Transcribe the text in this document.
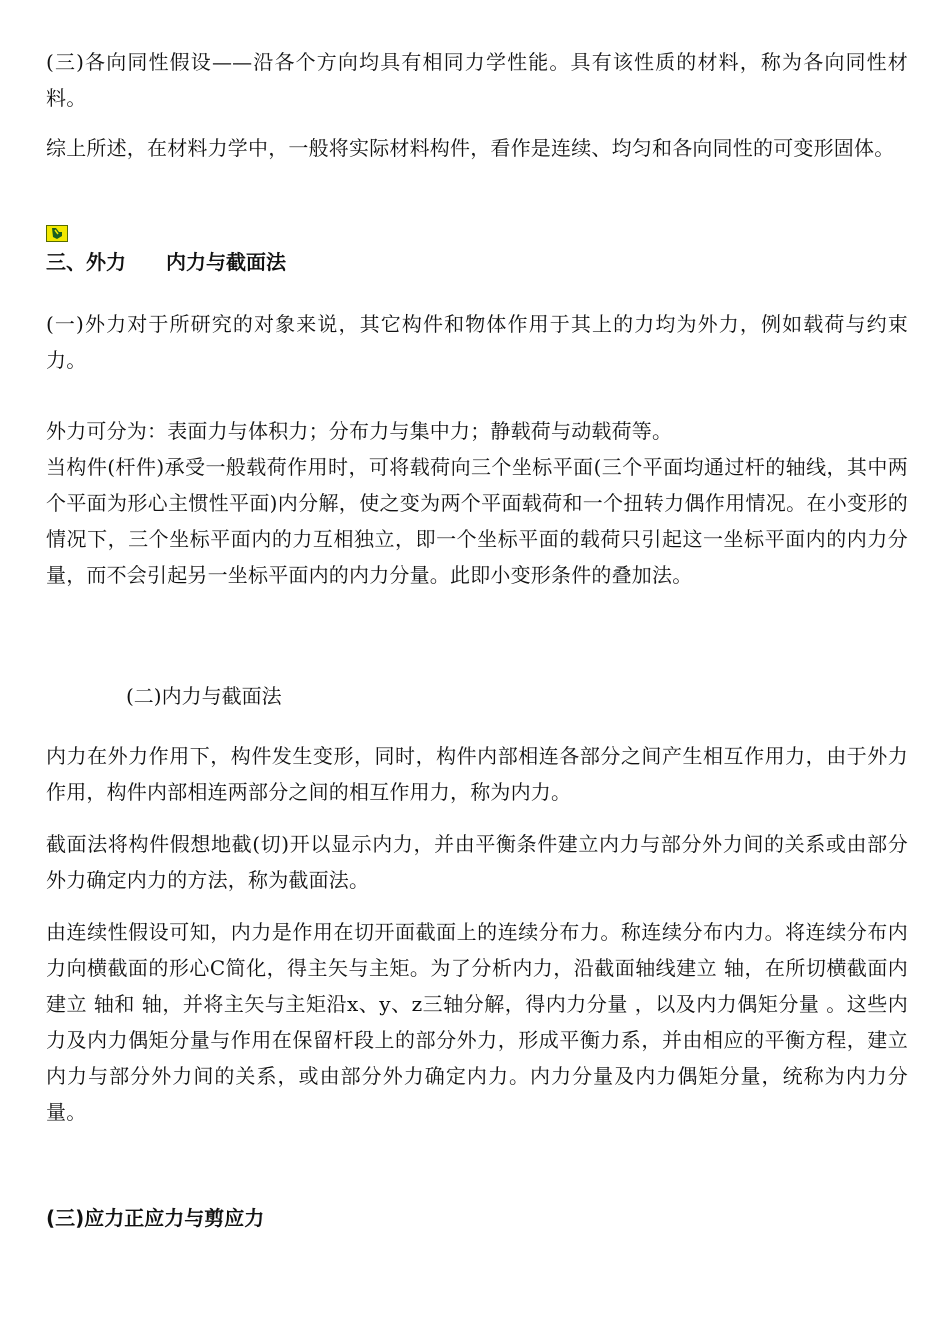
(三)各向同性假设——沿各个方向均具有相同力学性能。具有该性质的材料，称为各向同性材料。

综上所述，在材料力学中，一般将实际材料构件，看作是连续、均匀和各向同性的可变形固体。

三、外力　　内力与截面法

(一)外力对于所研究的对象来说，其它构件和物体作用于其上的力均为外力，例如载荷与约束力。

外力可分为：表面力与体积力；分布力与集中力；静载荷与动载荷等。

当构件(杆件)承受一般载荷作用时，可将载荷向三个坐标平面(三个平面均通过杆的轴线，其中两个平面为形心主惯性平面)内分解，使之变为两个平面载荷和一个扭转力偶作用情况。在小变形的情况下，三个坐标平面内的力互相独立，即一个坐标平面的载荷只引起这一坐标平面内的内力分量，而不会引起另一坐标平面内的内力分量。此即小变形条件的叠加法。

(二)内力与截面法

内力在外力作用下，构件发生变形，同时，构件内部相连各部分之间产生相互作用力，由于外力作用，构件内部相连两部分之间的相互作用力，称为内力。

截面法将构件假想地截(切)开以显示内力，并由平衡条件建立内力与部分外力间的关系或由部分外力确定内力的方法，称为截面法。

由连续性假设可知，内力是作用在切开面截面上的连续分布力。称连续分布内力。将连续分布内力向横截面的形心C简化，得主矢与主矩。为了分析内力，沿截面轴线建立 轴，在所切横截面内建立 轴和 轴，并将主矢与主矩沿x、y、z三轴分解，得内力分量 ，以及内力偶矩分量 。这些内力及内力偶矩分量与作用在保留杆段上的部分外力，形成平衡力系，并由相应的平衡方程，建立内力与部分外力间的关系，或由部分外力确定内力。内力分量及内力偶矩分量，统称为内力分量。

(三)应力正应力与剪应力
